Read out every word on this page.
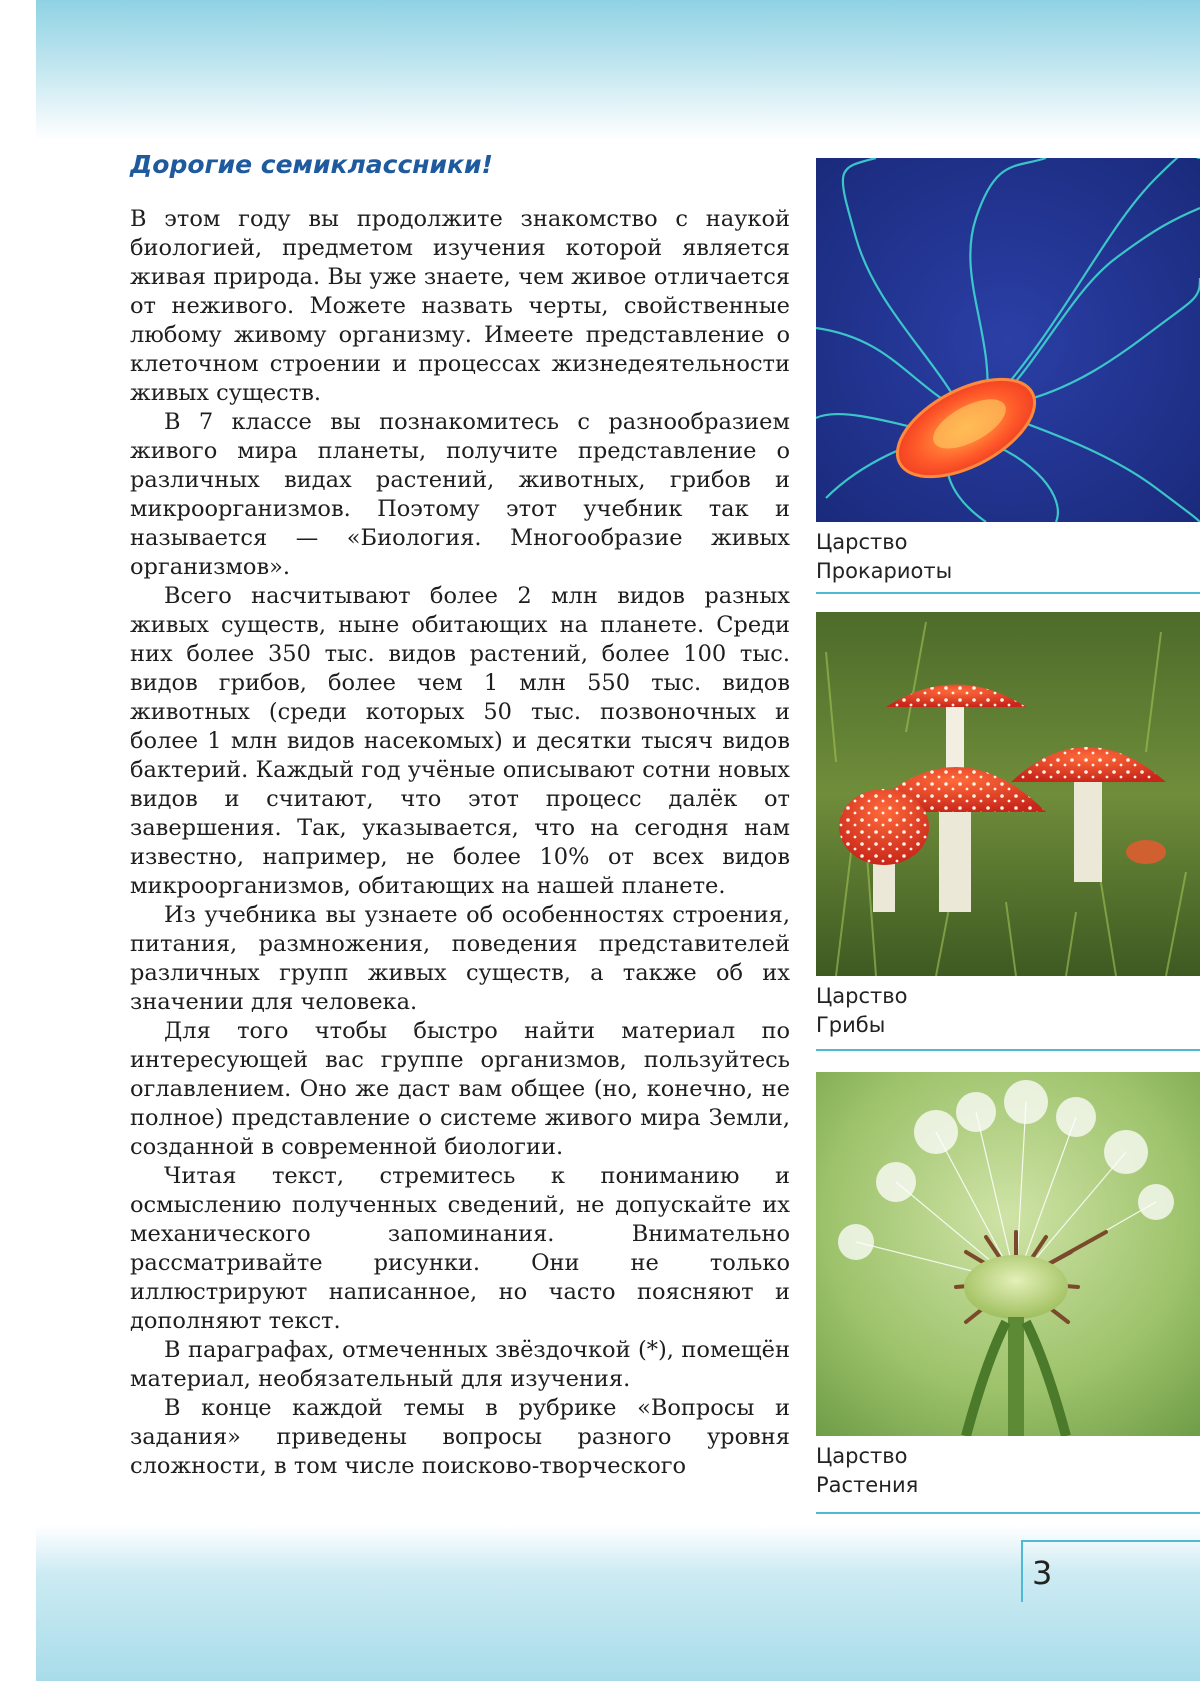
Дорогие семиклассники!

В этом году вы продолжите знакомство с наукой биологией, предметом изучения которой является живая природа. Вы уже знаете, чем живое отличается от неживого. Можете назвать черты, свойственные любому живому организму. Имеете представление о клеточном строении и процессах жизнедеятельности живых существ.

В 7 классе вы познакомитесь с разнообразием живого мира планеты, получите представление о различных видах растений, животных, грибов и микроорганизмов. Поэтому этот учебник так и называется — «Биология. Многообразие живых организмов».

Всего насчитывают более 2 млн видов разных живых существ, ныне обитающих на планете. Среди них более 350 тыс. видов растений, более 100 тыс. видов грибов, более чем 1 млн 550 тыс. видов животных (среди которых 50 тыс. позвоночных и более 1 млн видов насекомых) и десятки тысяч видов бактерий. Каждый год учёные описывают сотни новых видов и считают, что этот процесс далёк от завершения. Так, указывается, что на сегодня нам известно, например, не более 10% от всех видов микроорганизмов, обитающих на нашей планете.

Из учебника вы узнаете об особенностях строения, питания, размножения, поведения представителей различных групп живых существ, а также об их значении для человека.

Для того чтобы быстро найти материал по интересующей вас группе организмов, пользуйтесь оглавлением. Оно же даст вам общее (но, конечно, не полное) представление о системе живого мира Земли, созданной в современной биологии.

Читая текст, стремитесь к пониманию и осмыслению полученных сведений, не допускайте их механического запоминания. Внимательно рассматривайте рисунки. Они не только иллюстрируют написанное, но часто поясняют и дополняют текст.

В параграфах, отмеченных звёздочкой (*), помещён материал, необязательный для изучения.

В конце каждой темы в рубрике «Вопросы и задания» приведены вопросы разного уровня сложности, в том числе поисково-творческого

Царство
Прокариоты
Царство
Грибы
Царство
Растения
3
